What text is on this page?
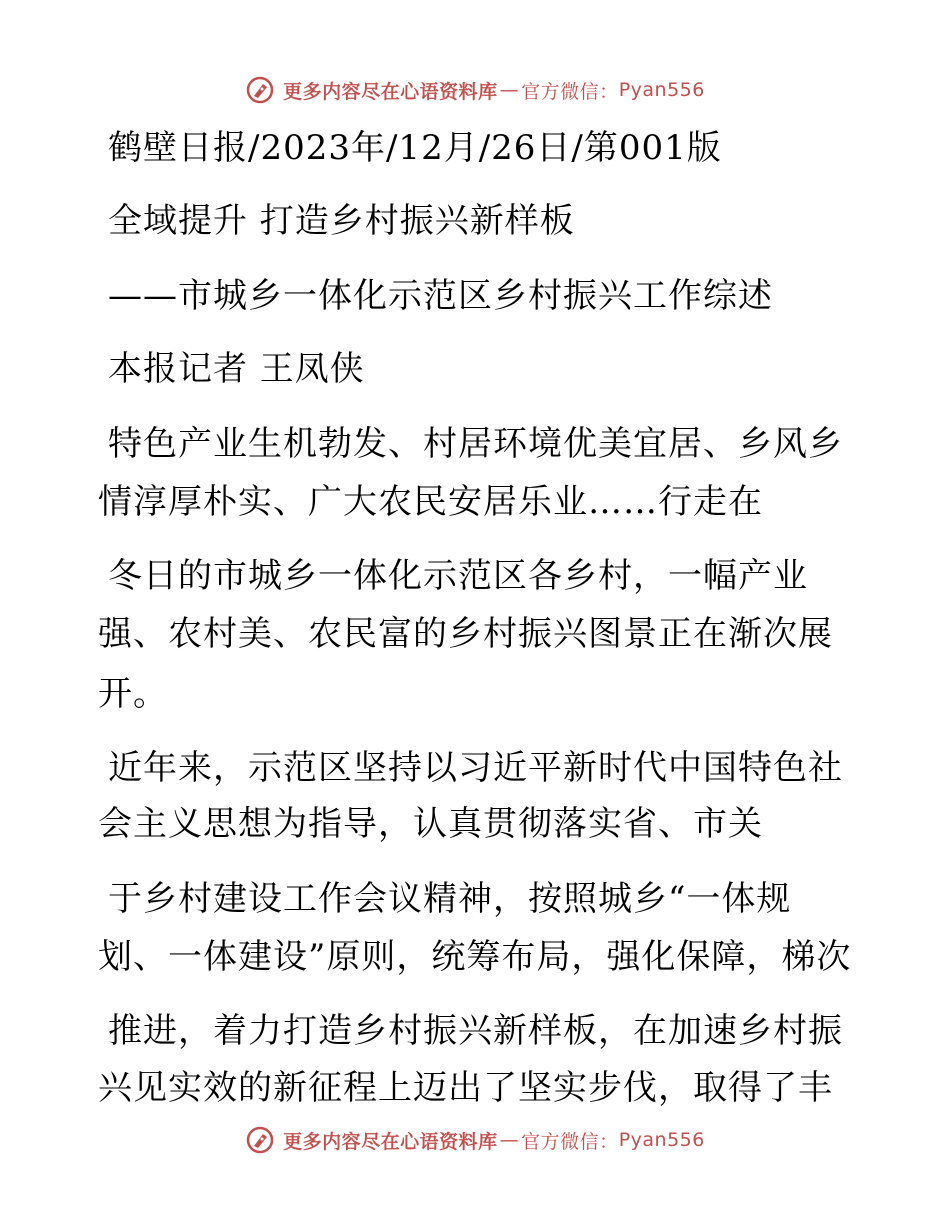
更多内容尽在心语资料库 — 官方微信： Pyan556
鹤壁日报/2023年/12月/26日/第001版
全域提升 打造乡村振兴新样板
——市城乡一体化示范区乡村振兴工作综述
本报记者 王凤侠
特色产业生机勃发、村居环境优美宜居、乡风乡
情淳厚朴实、广大农民安居乐业……行走在
冬日的市城乡一体化示范区各乡村，一幅产业
强、农村美、农民富的乡村振兴图景正在渐次展
开。
近年来，示范区坚持以习近平新时代中国特色社
会主义思想为指导，认真贯彻落实省、市关
于乡村建设工作会议精神，按照城乡“一体规
划、一体建设”原则，统筹布局，强化保障，梯次
推进，着力打造乡村振兴新样板，在加速乡村振
兴见实效的新征程上迈出了坚实步伐，取得了丰
更多内容尽在心语资料库 — 官方微信： Pyan556
